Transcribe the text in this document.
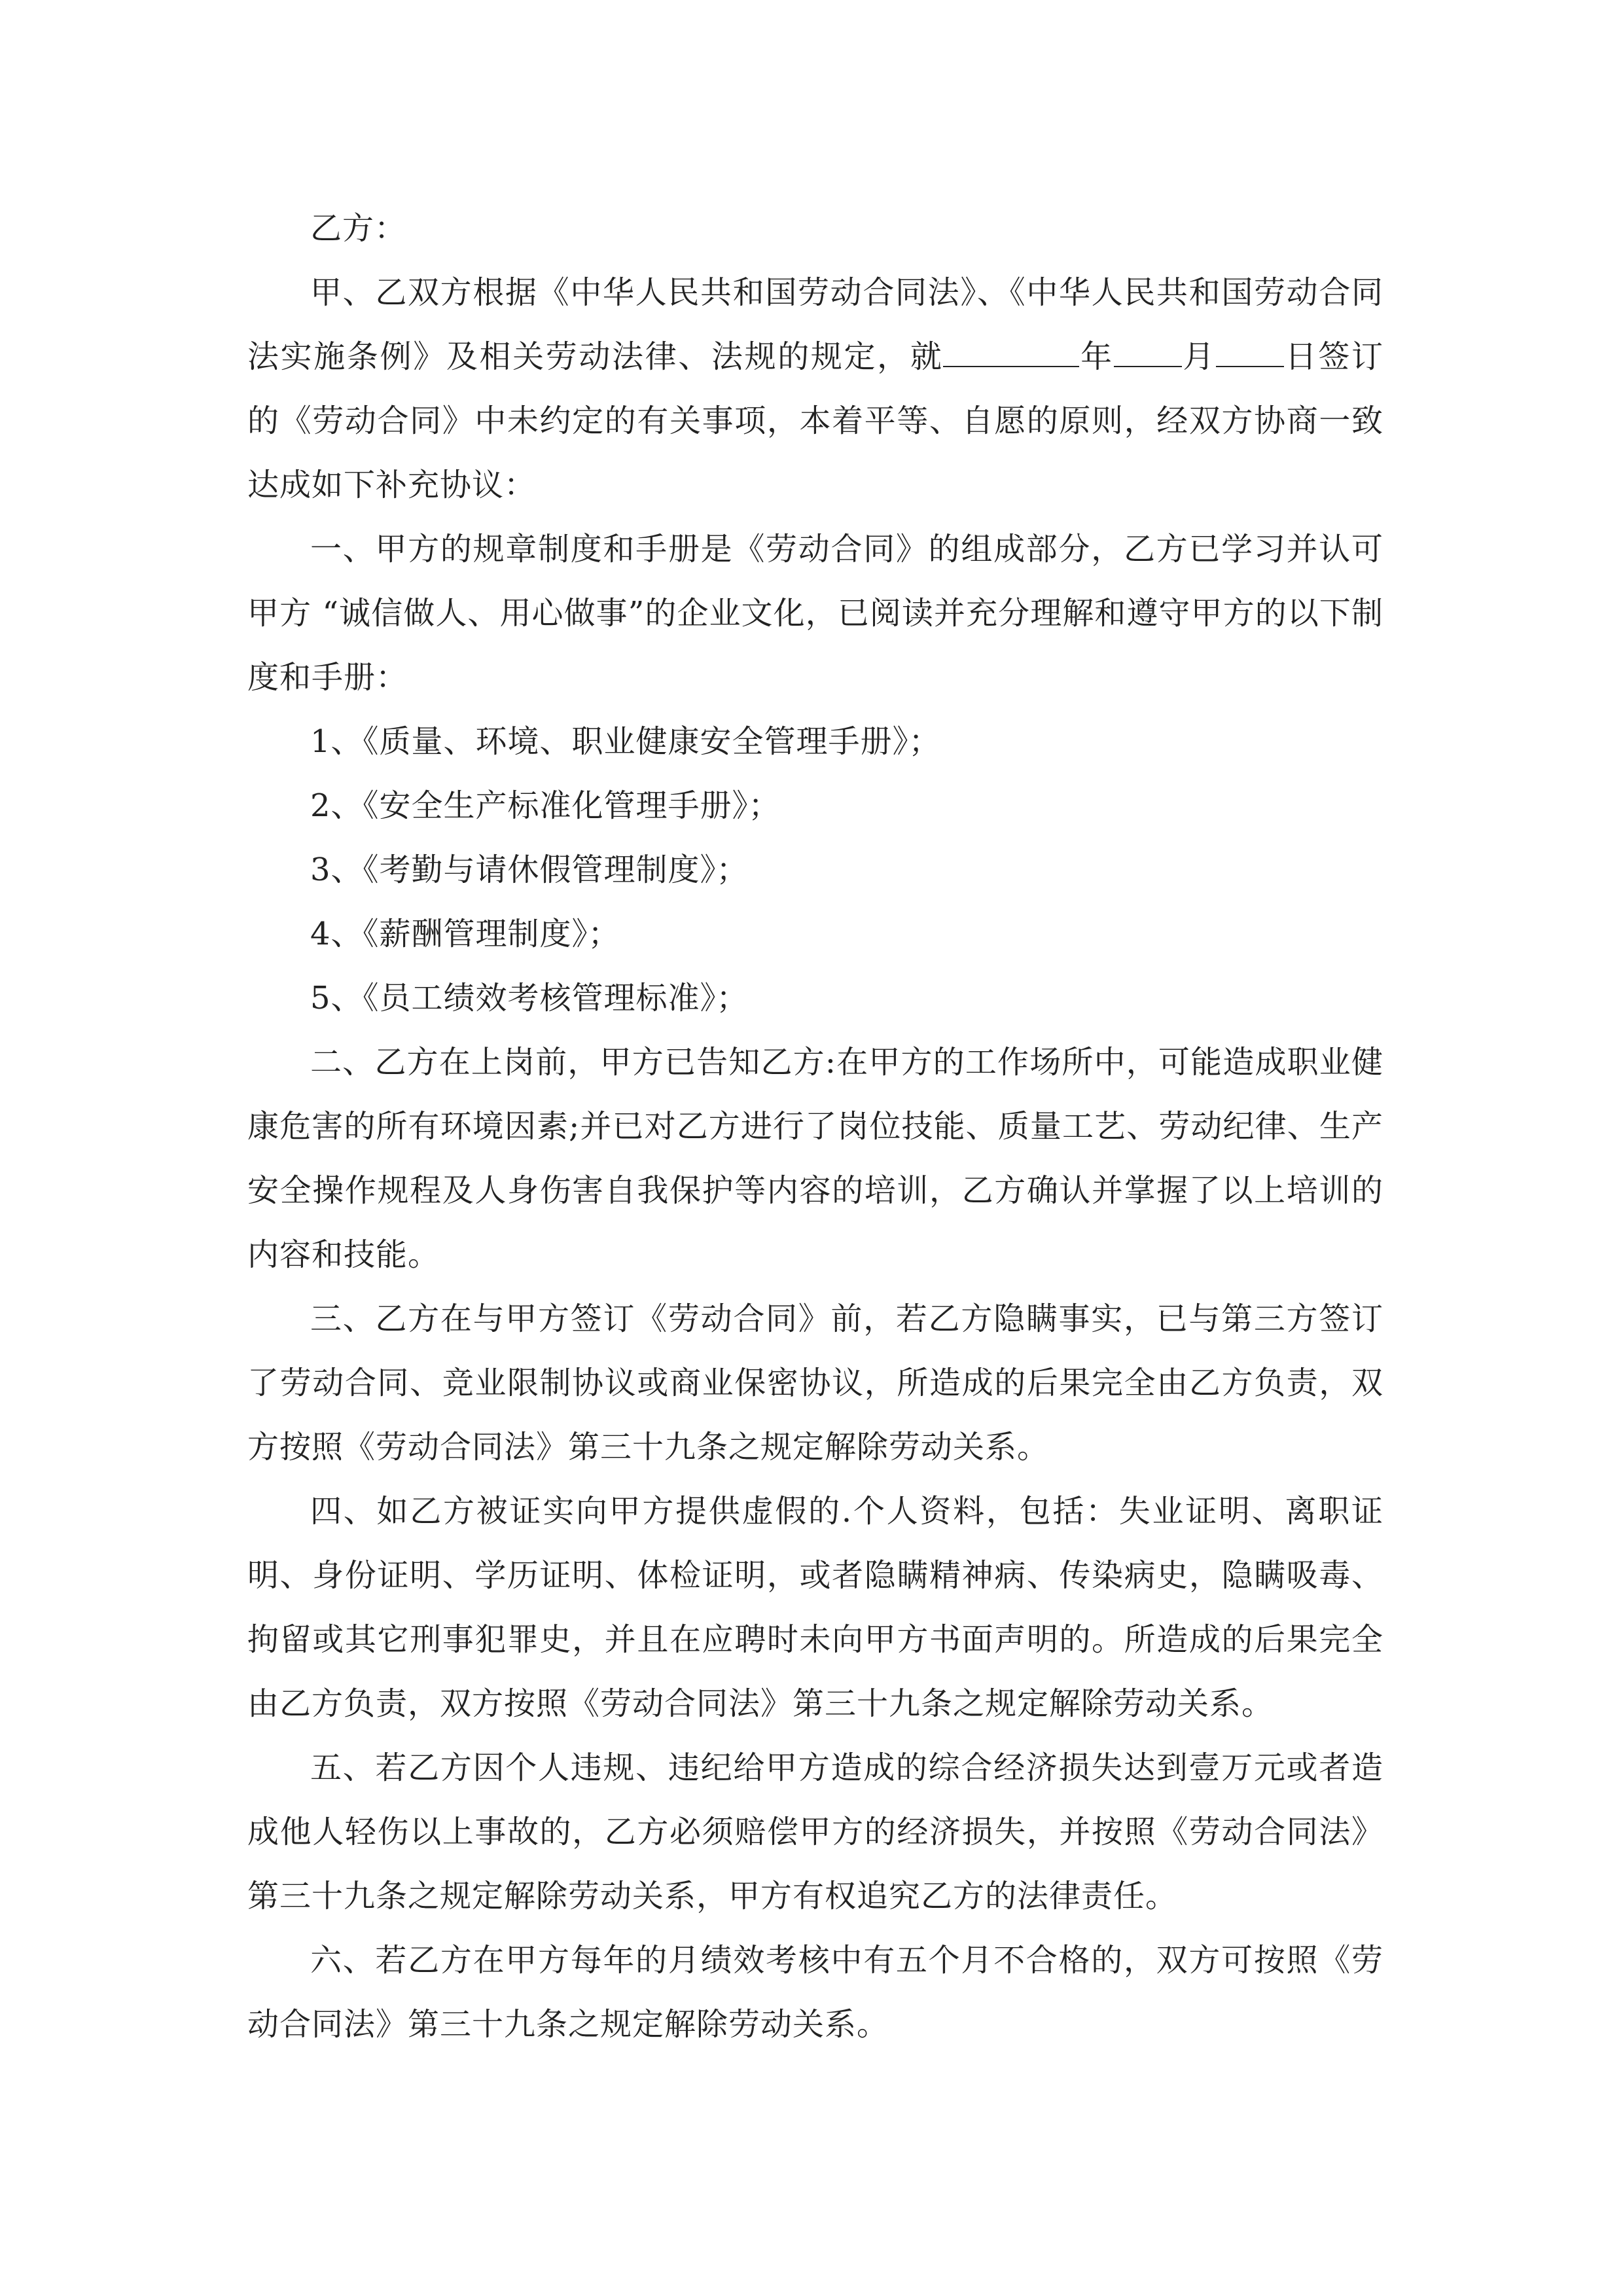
乙方：

甲、乙双方根据《中华人民共和国劳动合同法》、《中华人民共和国劳动合同法实施条例》及相关劳动法律、法规的规定，就	年 月 日签订的《劳动合同》中未约定的有关事项，本着平等、自愿的原则，经双方协商一致达成如下补充协议：

一、甲方的规章制度和手册是《劳动合同》的组成部分，乙方已学习并认可甲方 “诚信做人、用心做事”的企业文化，已阅读并充分理解和遵守甲方的以下制度和手册：

1、《质量、环境、职业健康安全管理手册》；

2、《安全生产标准化管理手册》；

3、《考勤与请休假管理制度》；

4、《薪酬管理制度》；

5、《员工绩效考核管理标准》；

二、乙方在上岗前，甲方已告知乙方:在甲方的工作场所中，可能造成职业健康危害的所有环境因素;并已对乙方进行了岗位技能、质量工艺、劳动纪律、生产安全操作规程及人身伤害自我保护等内容的培训，乙方确认并掌握了以上培训的内容和技能。

三、乙方在与甲方签订《劳动合同》前，若乙方隐瞒事实，已与第三方签订了劳动合同、竞业限制协议或商业保密协议，所造成的后果完全由乙方负责，双方按照《劳动合同法》第三十九条之规定解除劳动关系。

四、如乙方被证实向甲方提供虚假的.个人资料，包括：失业证明、离职证明、身份证明、学历证明、体检证明，或者隐瞒精神病、传染病史，隐瞒吸毒、拘留或其它刑事犯罪史，并且在应聘时未向甲方书面声明的。所造成的后果完全由乙方负责，双方按照《劳动合同法》第三十九条之规定解除劳动关系。

五、若乙方因个人违规、违纪给甲方造成的综合经济损失达到壹万元或者造成他人轻伤以上事故的，乙方必须赔偿甲方的经济损失，并按照《劳动合同法》第三十九条之规定解除劳动关系，甲方有权追究乙方的法律责任。

六、若乙方在甲方每年的月绩效考核中有五个月不合格的，双方可按照《劳动合同法》第三十九条之规定解除劳动关系。
